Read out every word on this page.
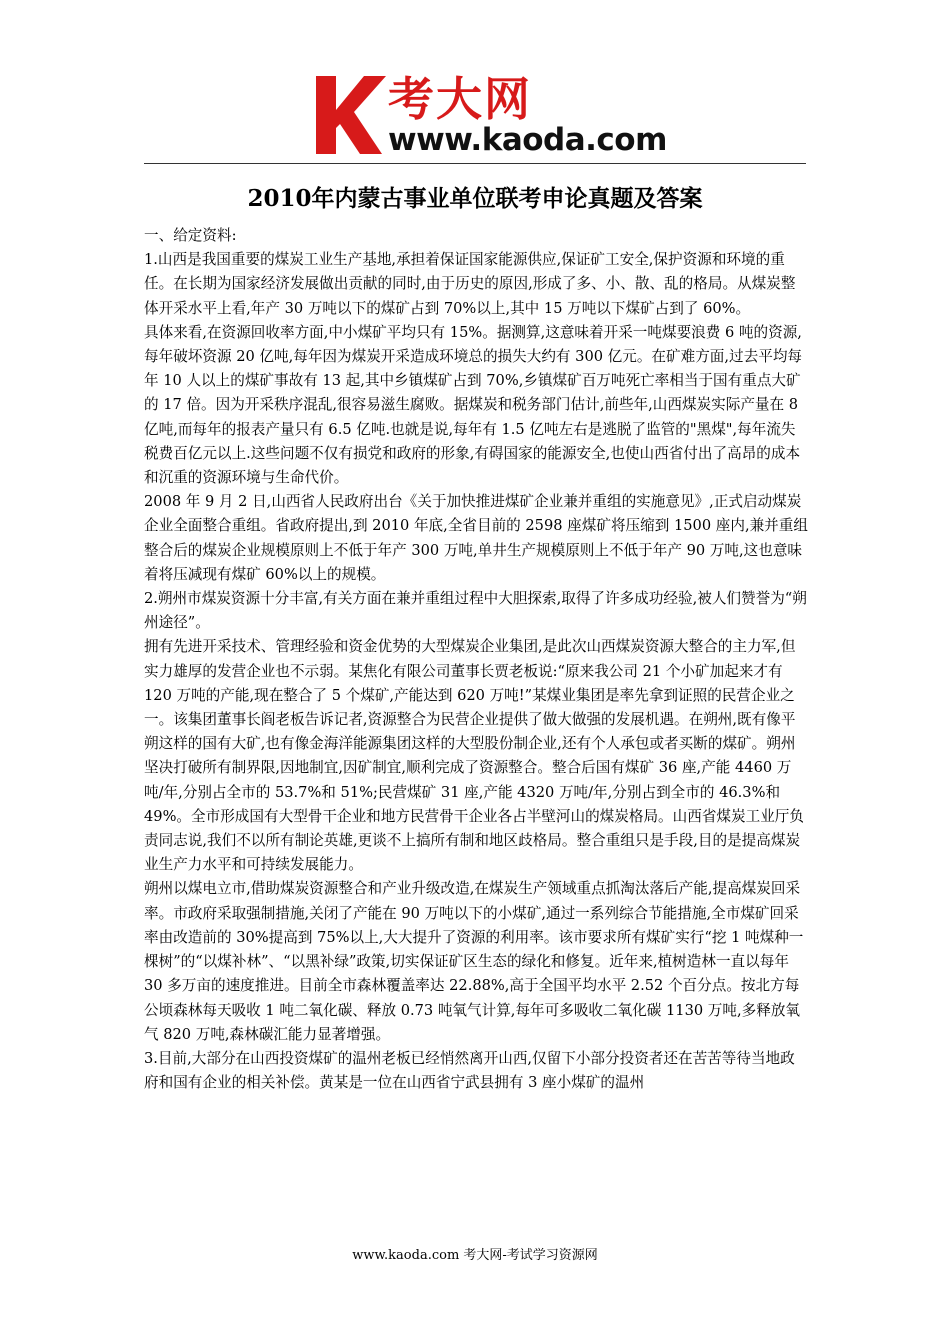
考大网
www.kaoda.com
2010年内蒙古事业单位联考申论真题及答案

一、给定资料:

1.山西是我国重要的煤炭工业生产基地,承担着保证国家能源供应,保证矿工安全,保护资源和环境的重任。在长期为国家经济发展做出贡献的同时,由于历史的原因,形成了多、小、散、乱的格局。从煤炭整体开采水平上看,年产 30 万吨以下的煤矿占到 70%以上,其中 15 万吨以下煤矿占到了 60%。

具体来看,在资源回收率方面,中小煤矿平均只有 15%。据测算,这意味着开采一吨煤要浪费 6 吨的资源,每年破坏资源 20 亿吨,每年因为煤炭开采造成环境总的损失大约有 300 亿元。在矿难方面,过去平均每年 10 人以上的煤矿事故有 13 起,其中乡镇煤矿占到 70%,乡镇煤矿百万吨死亡率相当于国有重点大矿的 17 倍。因为开采秩序混乱,很容易滋生腐败。据煤炭和税务部门估计,前些年,山西煤炭实际产量在 8 亿吨,而每年的报表产量只有 6.5 亿吨.也就是说,每年有 1.5 亿吨左右是逃脱了监管的"黑煤",每年流失税费百亿元以上.这些问题不仅有损党和政府的形象,有碍国家的能源安全,也使山西省付出了高昂的成本和沉重的资源环境与生命代价。

2008 年 9 月 2 日,山西省人民政府出台《关于加快推进煤矿企业兼并重组的实施意见》,正式启动煤炭企业全面整合重组。省政府提出,到 2010 年底,全省目前的 2598 座煤矿将压缩到 1500 座内,兼并重组整合后的煤炭企业规模原则上不低于年产 300 万吨,单井生产规模原则上不低于年产 90 万吨,这也意味着将压减现有煤矿 60%以上的规模。

2.朔州市煤炭资源十分丰富,有关方面在兼并重组过程中大胆探索,取得了许多成功经验,被人们赞誉为“朔州途径”。

拥有先进开采技术、管理经验和资金优势的大型煤炭企业集团,是此次山西煤炭资源大整合的主力军,但实力雄厚的发营企业也不示弱。某焦化有限公司董事长贾老板说:“原来我公司 21 个小矿加起来才有 120 万吨的产能,现在整合了 5 个煤矿,产能达到 620 万吨!”某煤业集团是率先拿到证照的民营企业之一。该集团董事长阎老板告诉记者,资源整合为民营企业提供了做大做强的发展机遇。在朔州,既有像平朔这样的国有大矿,也有像金海洋能源集团这样的大型股份制企业,还有个人承包或者买断的煤矿。朔州坚决打破所有制界限,因地制宜,因矿制宜,顺利完成了资源整合。整合后国有煤矿 36 座,产能 4460 万吨/年,分别占全市的 53.7%和 51%;民营煤矿 31 座,产能 4320 万吨/年,分别占到全市的 46.3%和 49%。全市形成国有大型骨干企业和地方民营骨干企业各占半壁河山的煤炭格局。山西省煤炭工业厅负责同志说,我们不以所有制论英雄,更谈不上搞所有制和地区歧格局。整合重组只是手段,目的是提高煤炭业生产力水平和可持续发展能力。

朔州以煤电立市,借助煤炭资源整合和产业升级改造,在煤炭生产领域重点抓淘汰落后产能,提高煤炭回采率。市政府采取强制措施,关闭了产能在 90 万吨以下的小煤矿,通过一系列综合节能措施,全市煤矿回采率由改造前的 30%提高到 75%以上,大大提升了资源的利用率。该市要求所有煤矿实行“挖 1 吨煤种一棵树”的“以煤补林”、“以黑补绿”政策,切实保证矿区生态的绿化和修复。近年来,植树造林一直以每年 30 多万亩的速度推进。目前全市森林覆盖率达 22.88%,高于全国平均水平 2.52 个百分点。按北方每公顷森林每天吸收 1 吨二氧化碳、释放 0.73 吨氧气计算,每年可多吸收二氧化碳 1130 万吨,多释放氧气 820 万吨,森林碳汇能力显著增强。

3.目前,大部分在山西投资煤矿的温州老板已经悄然离开山西,仅留下小部分投资者还在苦苦等待当地政府和国有企业的相关补偿。黄某是一位在山西省宁武县拥有 3 座小煤矿的温州

www.kaoda.com 考大网-考试学习资源网
